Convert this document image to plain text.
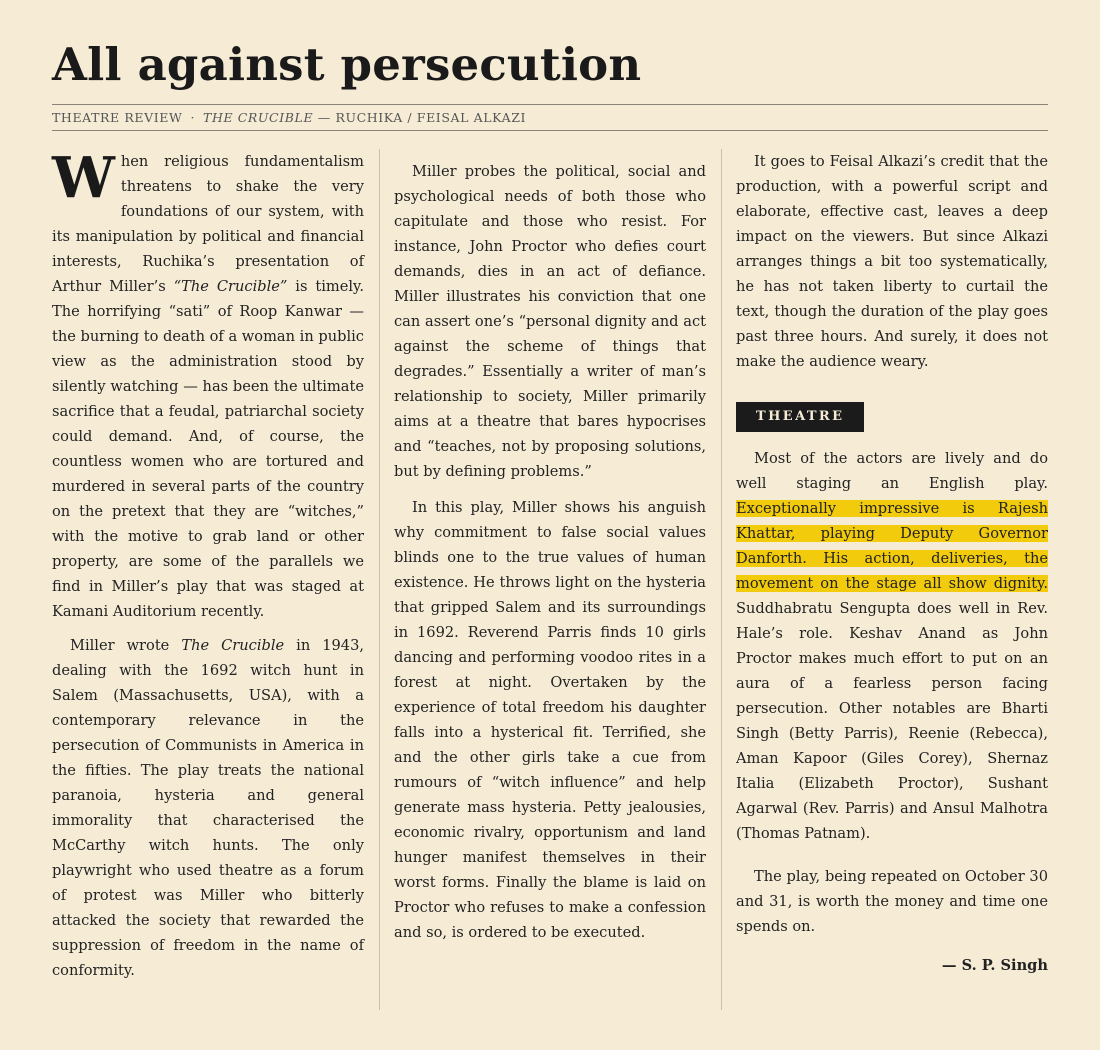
All against persecution
THEATRE REVIEW · THE CRUCIBLE — RUCHIKA / FEISAL ALKAZI

When religious fundamentalism threatens to shake the very foundations of our system, with its manipulation by political and financial interests, Ruchika’s presentation of Arthur Miller’s “The Crucible” is timely. The horrifying “sati” of Roop Kanwar — the burning to death of a woman in public view as the administration stood by silently watching — has been the ultimate sacrifice that a feudal, patriarchal society could demand. And, of course, the countless women who are tortured and murdered in several parts of the country on the pretext that they are “witches,” with the motive to grab land or other property, are some of the parallels we find in Miller’s play that was staged at Kamani Auditorium recently.

Miller wrote The Crucible in 1943, dealing with the 1692 witch hunt in Salem (Massachusetts, USA), with a contemporary relevance in the persecution of Communists in America in the fifties. The play treats the national paranoia, hysteria and general immorality that characterised the McCarthy witch hunts. The only playwright who used theatre as a forum of protest was Miller who bitterly attacked the society that rewarded the suppression of freedom in the name of conformity.

Miller probes the political, social and psychological needs of both those who capitulate and those who resist. For instance, John Proctor who defies court demands, dies in an act of defiance. Miller illustrates his conviction that one can assert one’s “personal dignity and act against the scheme of things that degrades.” Essentially a writer of man’s relationship to society, Miller primarily aims at a theatre that bares hypocrises and “teaches, not by proposing solutions, but by defining problems.”

In this play, Miller shows his anguish why commitment to false social values blinds one to the true values of human existence. He throws light on the hysteria that gripped Salem and its surroundings in 1692. Reverend Parris finds 10 girls dancing and performing voodoo rites in a forest at night. Overtaken by the experience of total freedom his daughter falls into a hysterical fit. Terrified, she and the other girls take a cue from rumours of “witch influence” and help generate mass hysteria. Petty jealousies, economic rivalry, opportunism and land hunger manifest themselves in their worst forms. Finally the blame is laid on Proctor who refuses to make a confession and so, is ordered to be executed.

It goes to Feisal Alkazi’s credit that the production, with a powerful script and elaborate, effective cast, leaves a deep impact on the viewers. But since Alkazi arranges things a bit too systematically, he has not taken liberty to curtail the text, though the duration of the play goes past three hours. And surely, it does not make the audience weary.

THEATRE

Most of the actors are lively and do well staging an English play. Exceptionally impressive is Rajesh Khattar, playing Deputy Governor Danforth. His action, deliveries, the movement on the stage all show dignity. Suddhabratu Sengupta does well in Rev. Hale’s role. Keshav Anand as John Proctor makes much effort to put on an aura of a fearless person facing persecution. Other notables are Bharti Singh (Betty Parris), Reenie (Rebecca), Aman Kapoor (Giles Corey), Shernaz Italia (Elizabeth Proctor), Sushant Agarwal (Rev. Parris) and Ansul Malhotra (Thomas Patnam).

The play, being repeated on October 30 and 31, is worth the money and time one spends on.

— S. P. Singh
